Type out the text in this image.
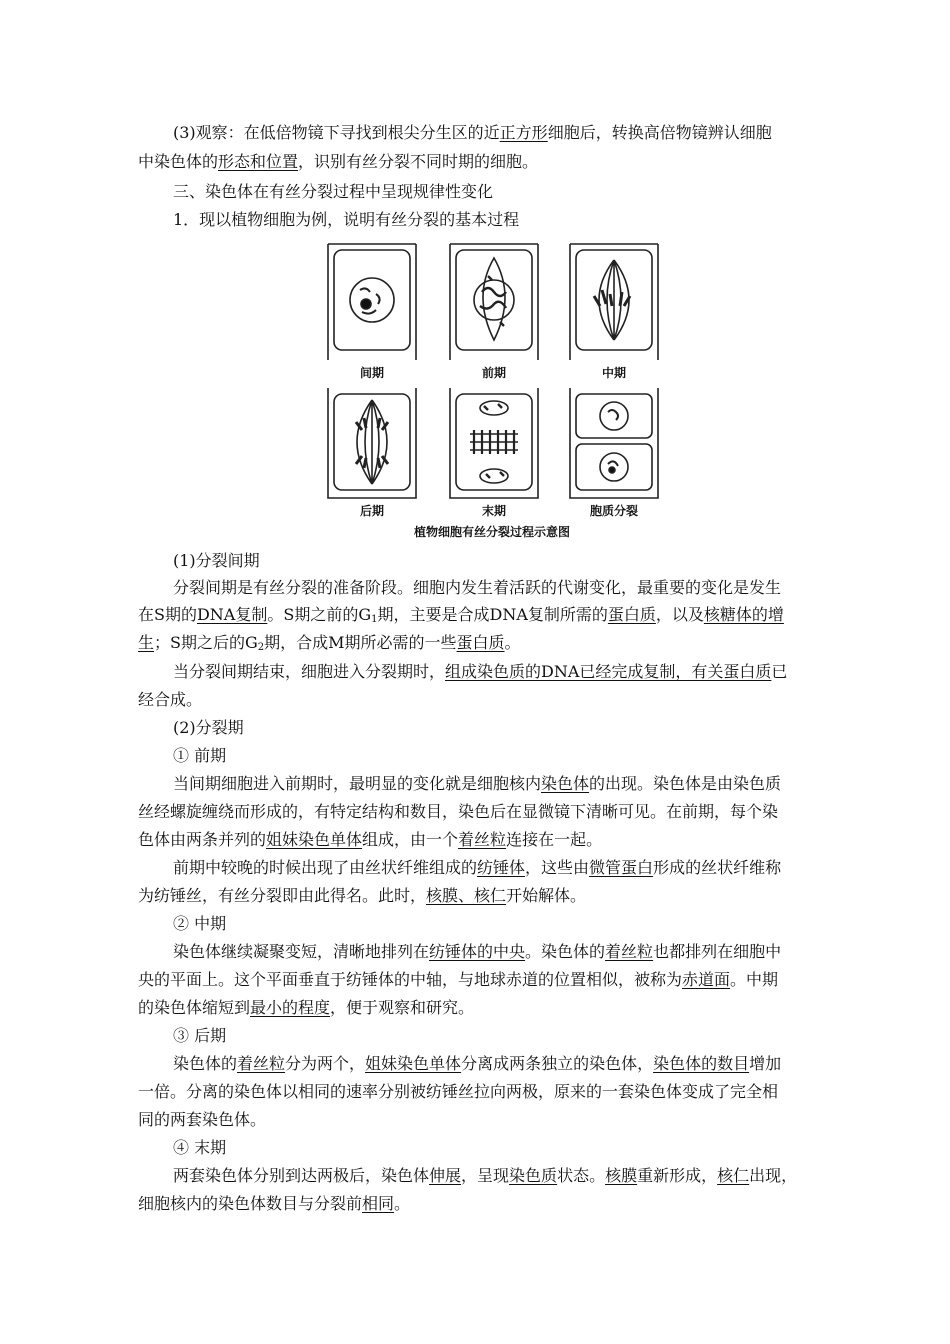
(3)观察：在低倍物镜下寻找到根尖分生区的近正方形细胞后，转换高倍物镜辨认细胞
中染色体的形态和位置，识别有丝分裂不同时期的细胞。
三、染色体在有丝分裂过程中呈现规律性变化
1．现以植物细胞为例，说明有丝分裂的基本过程
间期	前期	中期
后期	末期	胞质分裂
植物细胞有丝分裂过程示意图
(1)分裂间期
分裂间期是有丝分裂的准备阶段。细胞内发生着活跃的代谢变化，最重要的变化是发生
在S期的DNA复制。S期之前的$G_1$期，主要是合成DNA复制所需的蛋白质，以及核糖体的增
生；S期之后的$G_2$期，合成M期所必需的一些蛋白质。
当分裂间期结束，细胞进入分裂期时，组成染色质的DNA已经完成复制，有关蛋白质已
经合成。
(2)分裂期
① 前期
当间期细胞进入前期时，最明显的变化就是细胞核内染色体的出现。染色体是由染色质
丝经螺旋缠绕而形成的，有特定结构和数目，染色后在显微镜下清晰可见。在前期，每个染
色体由两条并列的姐妹染色单体组成，由一个着丝粒连接在一起。
前期中较晚的时候出现了由丝状纤维组成的纺锤体，这些由微管蛋白形成的丝状纤维称
为纺锤丝，有丝分裂即由此得名。此时，核膜、核仁开始解体。
② 中期
染色体继续凝聚变短，清晰地排列在纺锤体的中央。染色体的着丝粒也都排列在细胞中
央的平面上。这个平面垂直于纺锤体的中轴，与地球赤道的位置相似，被称为赤道面。中期
的染色体缩短到最小的程度，便于观察和研究。
③ 后期
染色体的着丝粒分为两个，姐妹染色单体分离成两条独立的染色体，染色体的数目增加
一倍。分离的染色体以相同的速率分别被纺锤丝拉向两极，原来的一套染色体变成了完全相
同的两套染色体。
④ 末期
两套染色体分别到达两极后，染色体伸展，呈现染色质状态。核膜重新形成，核仁出现，
细胞核内的染色体数目与分裂前相同。
